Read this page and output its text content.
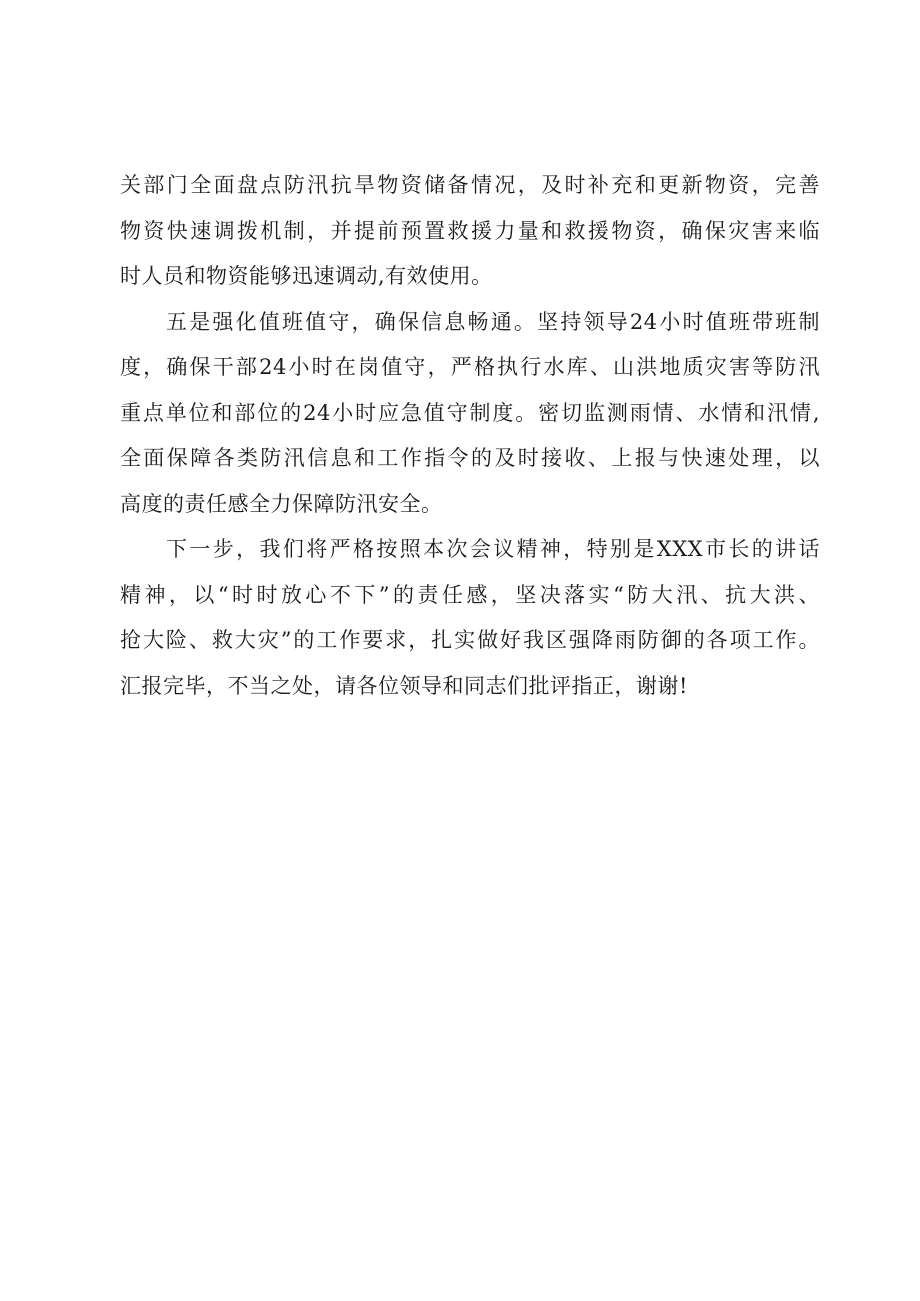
关部门全面盘点防汛抗旱物资储备情况，及时补充和更新物资，完善
物资快速调拨机制，并提前预置救援力量和救援物资，确保灾害来临
时人员和物资能够迅速调动,有效使用。
五是强化值班值守，确保信息畅通。坚持领导24小时值班带班制
度，确保干部24小时在岗值守，严格执行水库、山洪地质灾害等防汛
重点单位和部位的24小时应急值守制度。密切监测雨情、水情和汛情,
全面保障各类防汛信息和工作指令的及时接收、上报与快速处理，以
高度的责任感全力保障防汛安全。
下一步，我们将严格按照本次会议精神，特别是XXX市长的讲话
精神，以“时时放心不下”的责任感，坚决落实“防大汛、抗大洪、
抢大险、救大灾”的工作要求，扎实做好我区强降雨防御的各项工作。
汇报完毕，不当之处，请各位领导和同志们批评指正，谢谢!
